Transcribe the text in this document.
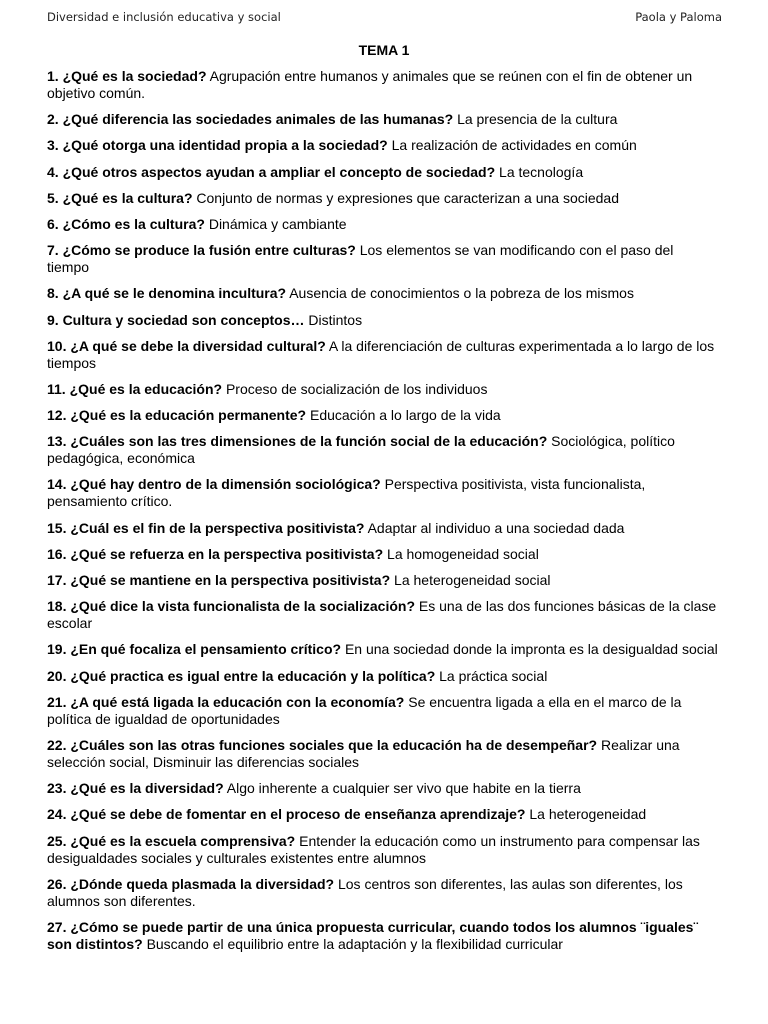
Diversidad e inclusión educativa y social	Paola y Paloma
TEMA 1
1. ¿Qué es la sociedad? Agrupación entre humanos y animales que se reúnen con el fin de obtener un objetivo común.
2. ¿Qué diferencia las sociedades animales de las humanas? La presencia de la cultura
3. ¿Qué otorga una identidad propia a la sociedad? La realización de actividades en común
4. ¿Qué otros aspectos ayudan a ampliar el concepto de sociedad? La tecnología
5. ¿Qué es la cultura? Conjunto de normas y expresiones que caracterizan a una sociedad
6. ¿Cómo es la cultura? Dinámica y cambiante
7. ¿Cómo se produce la fusión entre culturas? Los elementos se van modificando con el paso del tiempo
8. ¿A qué se le denomina incultura? Ausencia de conocimientos o la pobreza de los mismos
9. Cultura y sociedad son conceptos… Distintos
10. ¿A qué se debe la diversidad cultural? A la diferenciación de culturas experimentada a lo largo de los tiempos
11. ¿Qué es la educación? Proceso de socialización de los individuos
12. ¿Qué es la educación permanente? Educación a lo largo de la vida
13. ¿Cuáles son las tres dimensiones de la función social de la educación? Sociológica, político pedagógica, económica
14. ¿Qué hay dentro de la dimensión sociológica? Perspectiva positivista, vista funcionalista, pensamiento crítico.
15. ¿Cuál es el fin de la perspectiva positivista? Adaptar al individuo a una sociedad dada
16. ¿Qué se refuerza en la perspectiva positivista? La homogeneidad social
17. ¿Qué se mantiene en la perspectiva positivista? La heterogeneidad social
18. ¿Qué dice la vista funcionalista de la socialización? Es una de las dos funciones básicas de la clase escolar
19. ¿En qué focaliza el pensamiento crítico? En una sociedad donde la impronta es la desigualdad social
20. ¿Qué practica es igual entre la educación y la política? La práctica social
21. ¿A qué está ligada la educación con la economía? Se encuentra ligada a ella en el marco de la política de igualdad de oportunidades
22. ¿Cuáles son las otras funciones sociales que la educación ha de desempeñar? Realizar una selección social, Disminuir las diferencias sociales
23. ¿Qué es la diversidad? Algo inherente a cualquier ser vivo que habite en la tierra
24. ¿Qué se debe de fomentar en el proceso de enseñanza aprendizaje? La heterogeneidad
25. ¿Qué es la escuela comprensiva? Entender la educación como un instrumento para compensar las desigualdades sociales y culturales existentes entre alumnos
26. ¿Dónde queda plasmada la diversidad? Los centros son diferentes, las aulas son diferentes, los alumnos son diferentes.
27. ¿Cómo se puede partir de una única propuesta curricular, cuando todos los alumnos ¨iguales¨ son distintos? Buscando el equilibrio entre la adaptación y la flexibilidad curricular
